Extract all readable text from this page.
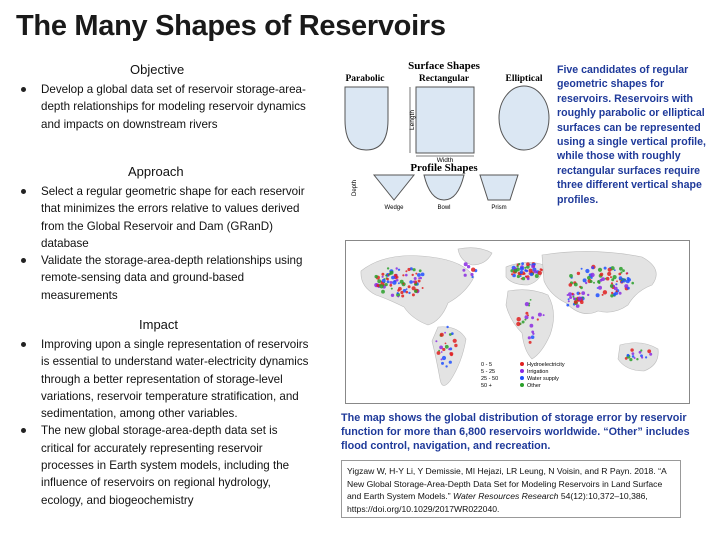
The Many Shapes of Reservoirs
Objective
Develop a global data set of reservoir storage-area-depth relationships for modeling reservoir dynamics and impacts on downstream rivers
Approach
Select a regular geometric shape for each reservoir that minimizes the errors relative to values derived from the Global Reservoir and Dam (GRanD) database
Validate the storage-area-depth relationships using remote-sensing data and ground-based measurements
Impact
Improving upon a single representation of reservoirs is essential to understand water-electricity dynamics through a better representation of storage-level variations, reservoir temperature stratification, and sedimentation, among other variables.
The new global storage-area-depth data set is critical for accurately representing reservoir processes in Earth system models, including the influence of reservoirs on regional hydrology, ecology, and biogeochemistry
Surface Shapes
Parabolic	Rectangular	Elliptical
Length
Width
Profile Shapes
Depth
Wedge	Bowl	Prism
Five candidates of regular geometric shapes for reservoirs. Reservoirs with roughly parabolic or elliptical surfaces can be represented using a single vertical profile, while those with roughly rectangular surfaces require three different vertical shape profiles.
0 - 5
5 - 25
25 - 50
50 +
Hydroelectricity
Irrigation
Water supply
Other
The map shows the global distribution of storage error by reservoir function for more than 6,800 reservoirs worldwide. “Other” includes flood control, navigation, and recreation.
Yigzaw W, H-Y Li, Y Demissie, MI Hejazi, LR Leung, N Voisin, and R Payn. 2018. “A New Global Storage-Area-Depth Data Set for Modeling Reservoirs in Land Surface and Earth System Models.” Water Resources Research 54(12):10,372–10,386, https://doi.org/10.1029/2017WR022040.
